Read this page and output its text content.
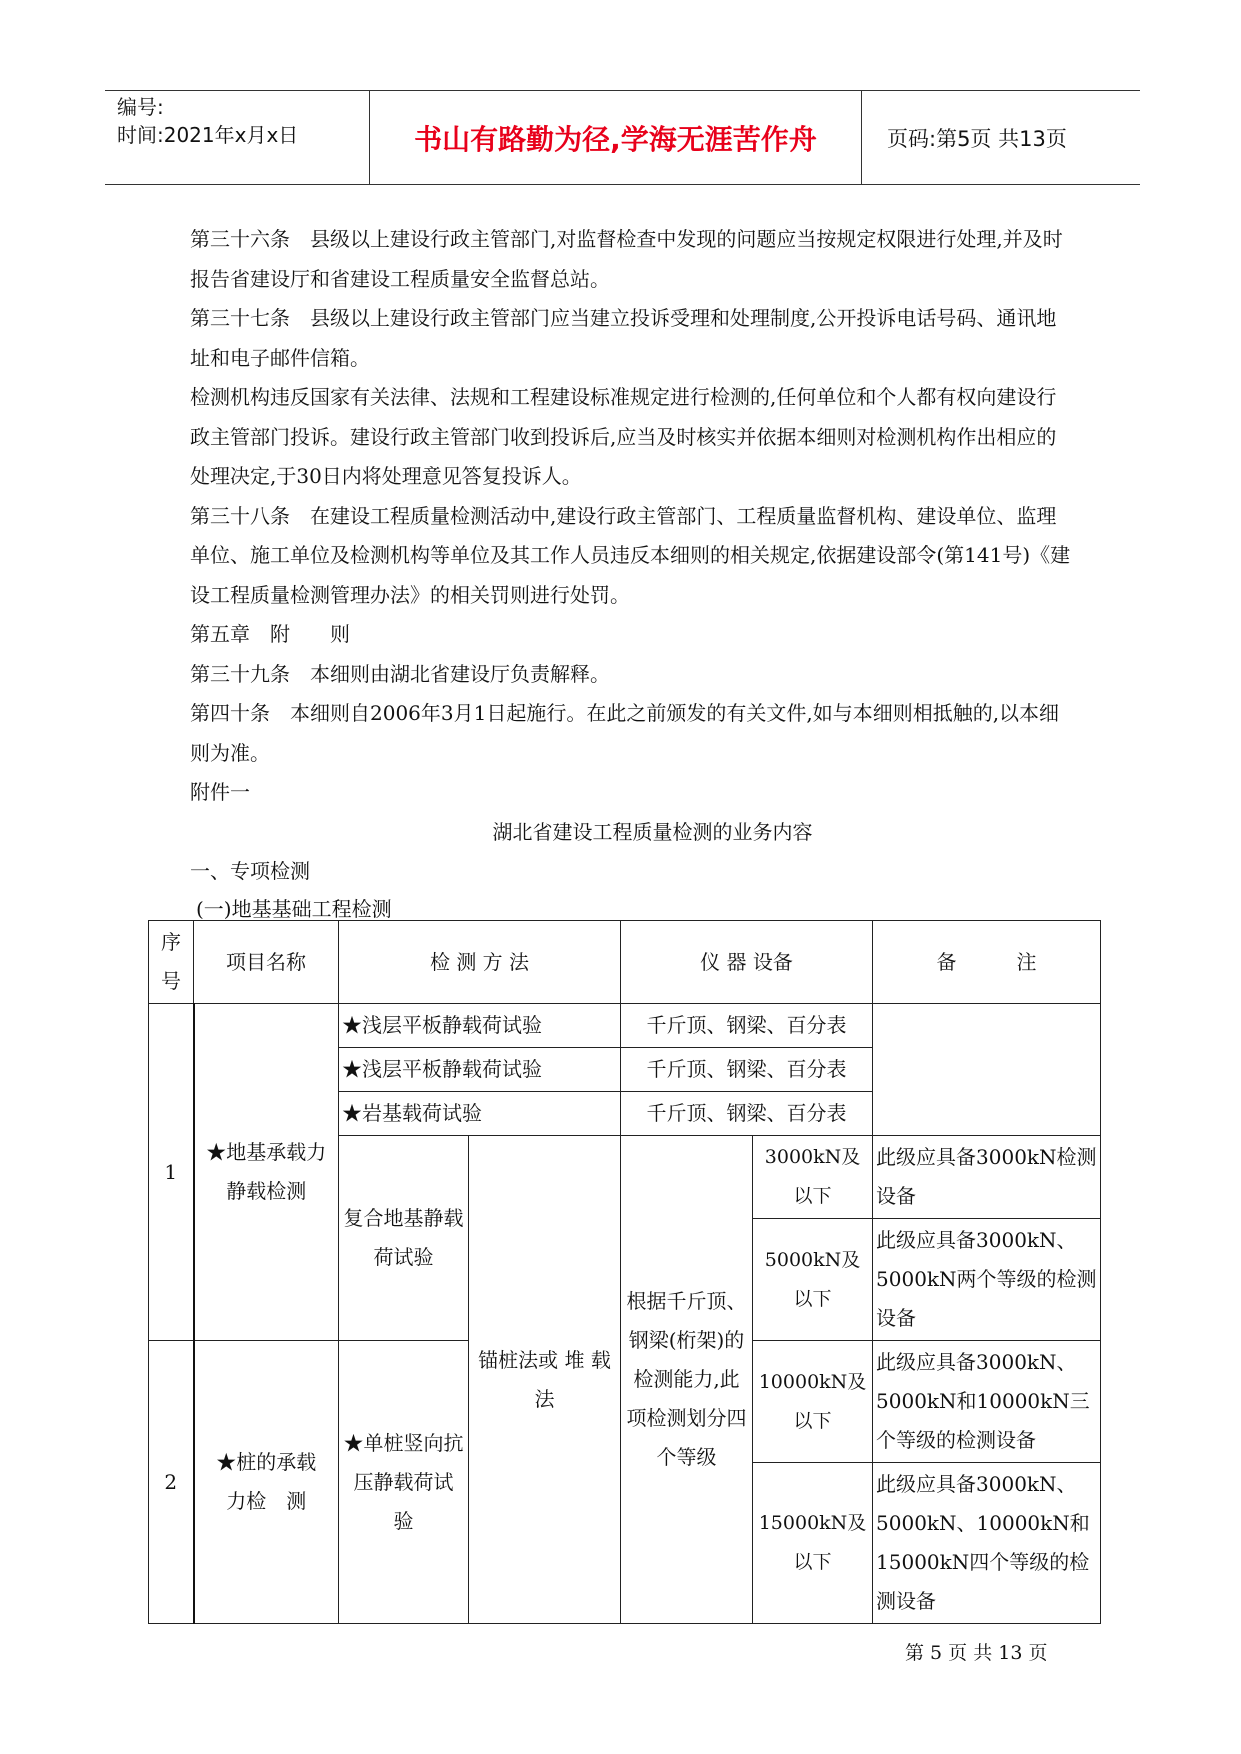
编号:
时间:2021年x月x日	书山有路勤为径,学海无涯苦作舟	页码:第5页 共13页

第三十六条　县级以上建设行政主管部门,对监督检查中发现的问题应当按规定权限进行处理,并及时报告省建设厅和省建设工程质量安全监督总站。

第三十七条　县级以上建设行政主管部门应当建立投诉受理和处理制度,公开投诉电话号码、通讯地址和电子邮件信箱。

检测机构违反国家有关法律、法规和工程建设标准规定进行检测的,任何单位和个人都有权向建设行政主管部门投诉。建设行政主管部门收到投诉后,应当及时核实并依据本细则对检测机构作出相应的处理决定,于30日内将处理意见答复投诉人。

第三十八条　在建设工程质量检测活动中,建设行政主管部门、工程质量监督机构、建设单位、监理单位、施工单位及检测机构等单位及其工作人员违反本细则的相关规定,依据建设部令(第141号)《建设工程质量检测管理办法》的相关罚则进行处罚。

第五章　附　　则

第三十九条　本细则由湖北省建设厅负责解释。

第四十条　本细则自2006年3月1日起施行。在此之前颁发的有关文件,如与本细则相抵触的,以本细则为准。

附件一

湖北省建设工程质量检测的业务内容

一、专项检测

(一)地基基础工程检测

序号	项目名称	检 测 方 法		仪 器 设备		备　　　注
1	★地基承载力静载检测	★浅层平板静载荷试验		千斤顶、钢梁、百分表		
		★浅层平板静载荷试验		千斤顶、钢梁、百分表		
		★岩基载荷试验		千斤顶、钢梁、百分表		
		复合地基静载荷试验	锚桩法或 堆 载 法	根据千斤顶、钢梁(桁架)的检测能力,此项检测划分四个等级	3000kN及以下	此级应具备3000kN检测设备
					5000kN及以下	此级应具备3000kN、5000kN两个等级的检测设备
2	★桩的承载　力检　测	★单桩竖向抗压静载荷试　验			10000kN及以下	此级应具备3000kN、5000kN和10000kN三个等级的检测设备
					15000kN及以下	此级应具备3000kN、5000kN、10000kN和15000kN四个等级的检测设备
第 5 页 共 13 页
